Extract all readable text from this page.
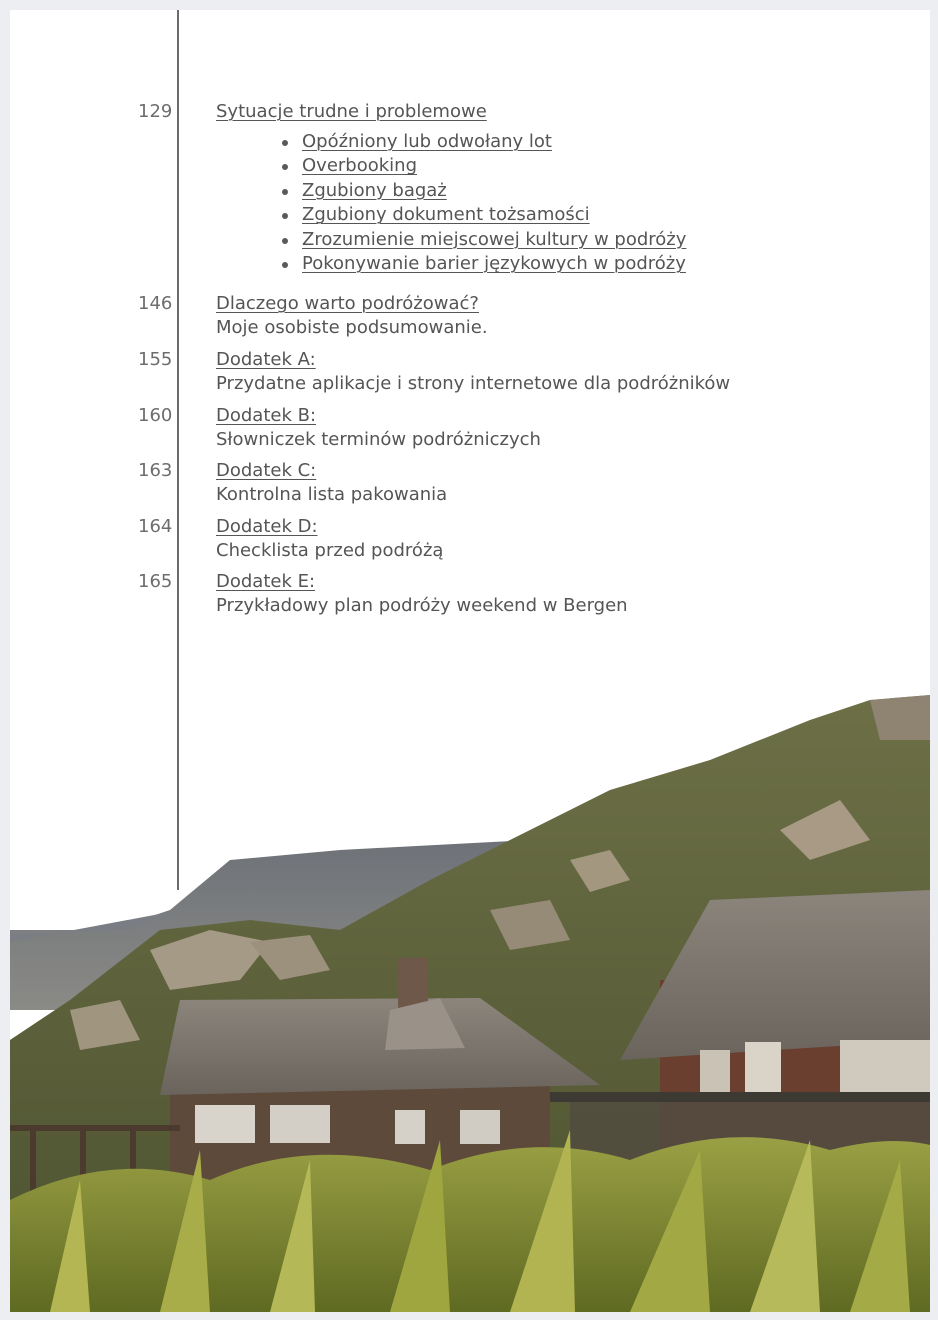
129	Sytuacje trudne i problemowe
Opóźniony lub odwołany lot
Overbooking
Zgubiony bagaż
Zgubiony dokument tożsamości
Zrozumienie miejscowej kultury w podróży
Pokonywanie barier językowych w podróży
146	Dlaczego warto podróżować?
Moje osobiste podsumowanie.
155	Dodatek A:
Przydatne aplikacje i strony internetowe dla podróżników
160	Dodatek B:
Słowniczek terminów podróżniczych
163	Dodatek C:
Kontrolna lista pakowania
164	Dodatek D:
Checklista przed podróżą
165	Dodatek E:
Przykładowy plan podróży weekend w Bergen
